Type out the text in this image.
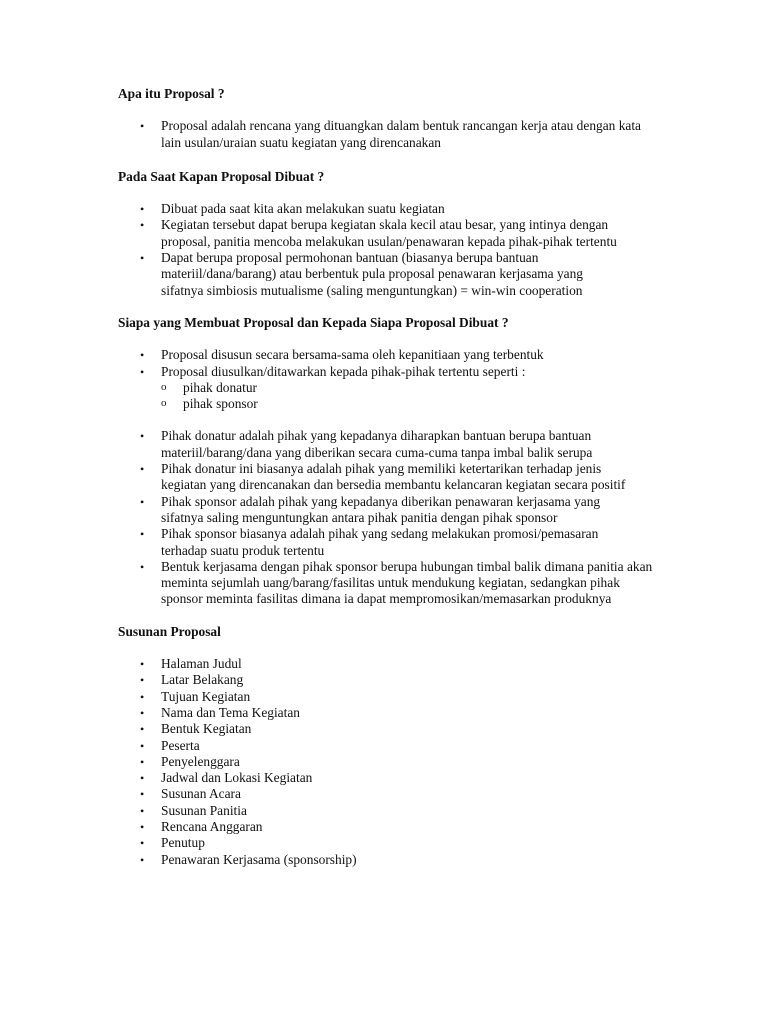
Apa itu Proposal ?

• Proposal adalah rencana yang dituangkan dalam bentuk rancangan kerja atau dengan kata lain usulan/uraian suatu kegiatan yang direncanakan

Pada Saat Kapan Proposal Dibuat ?

• Dibuat pada saat kita akan melakukan suatu kegiatan
• Kegiatan tersebut dapat berupa kegiatan skala kecil atau besar, yang intinya dengan proposal, panitia mencoba melakukan usulan/penawaran kepada pihak-pihak tertentu
• Dapat berupa proposal permohonan bantuan (biasanya berupa bantuan materiil/dana/barang) atau berbentuk pula proposal penawaran kerjasama yang sifatnya simbiosis mutualisme (saling menguntungkan) = win-win cooperation

Siapa yang Membuat Proposal dan Kepada Siapa Proposal Dibuat ?

• Proposal disusun secara bersama-sama oleh kepanitiaan yang terbentuk
• Proposal diusulkan/ditawarkan kepada pihak-pihak tertentu seperti :
o pihak donatur
o pihak sponsor
• Pihak donatur adalah pihak yang kepadanya diharapkan bantuan berupa bantuan materiil/barang/dana yang diberikan secara cuma-cuma tanpa imbal balik serupa
• Pihak donatur ini biasanya adalah pihak yang memiliki ketertarikan terhadap jenis kegiatan yang direncanakan dan bersedia membantu kelancaran kegiatan secara positif
• Pihak sponsor adalah pihak yang kepadanya diberikan penawaran kerjasama yang sifatnya saling menguntungkan antara pihak panitia dengan pihak sponsor
• Pihak sponsor biasanya adalah pihak yang sedang melakukan promosi/pemasaran terhadap suatu produk tertentu
• Bentuk kerjasama dengan pihak sponsor berupa hubungan timbal balik dimana panitia akan meminta sejumlah uang/barang/fasilitas untuk mendukung kegiatan, sedangkan pihak sponsor meminta fasilitas dimana ia dapat mempromosikan/memasarkan produknya

Susunan Proposal

• Halaman Judul
• Latar Belakang
• Tujuan Kegiatan
• Nama dan Tema Kegiatan
• Bentuk Kegiatan
• Peserta
• Penyelenggara
• Jadwal dan Lokasi Kegiatan
• Susunan Acara
• Susunan Panitia
• Rencana Anggaran
• Penutup
• Penawaran Kerjasama (sponsorship)
